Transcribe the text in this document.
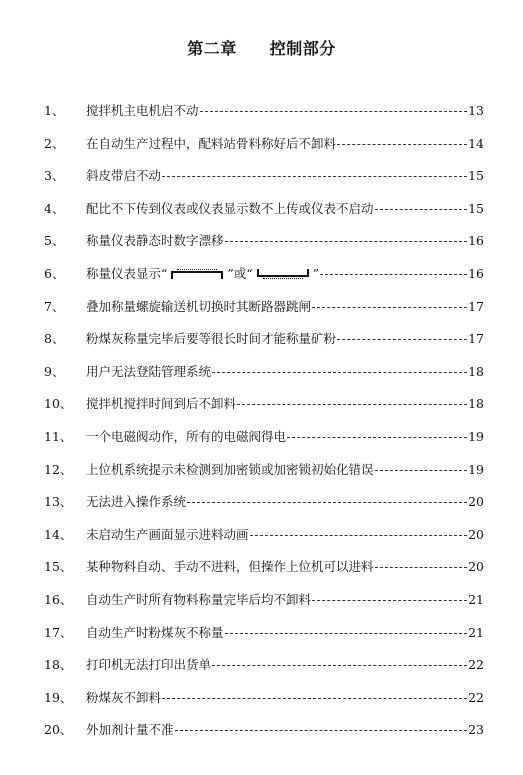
第二章　　控制部分
1、	搅拌机主电机启不动	13
2、	在自动生产过程中，配料站骨料称好后不卸料	14
3、	斜皮带启不动	15
4、	配比不下传到仪表或仪表显示数不上传或仪表不启动	15
5、	称量仪表静态时数字漂移	16
6、	称量仪表显示“	”或“	”	16
7、	叠加称量螺旋输送机切换时其断路器跳闸	17
8、	粉煤灰称量完毕后要等很长时间才能称量矿粉	17
9、	用户无法登陆管理系统	18
10、	搅拌机搅拌时间到后不卸料	18
11、	一个电磁阀动作，所有的电磁阀得电	19
12、	上位机系统提示未检测到加密锁或加密锁初始化错误	19
13、	无法进入操作系统	20
14、	未启动生产画面显示进料动画	20
15、	某种物料自动、手动不进料，但操作上位机可以进料	20
16、	自动生产时所有物料称量完毕后均不卸料	21
17、	自动生产时粉煤灰不称量	21
18、	打印机无法打印出货单	22
19、	粉煤灰不卸料	22
20、	外加剂计量不准	23
